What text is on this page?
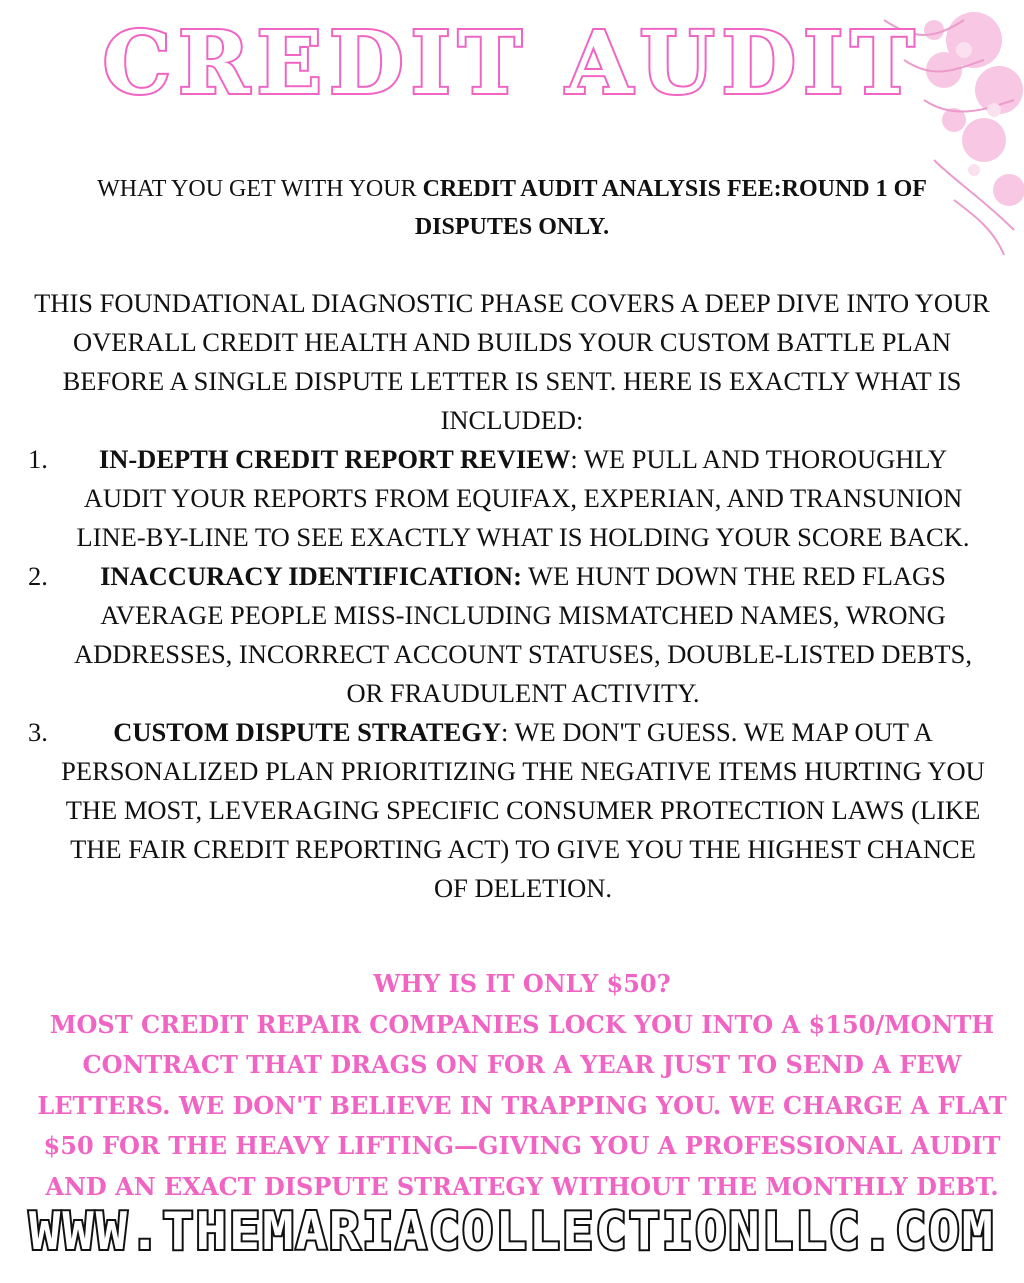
CREDIT AUDIT
WHAT YOU GET WITH YOUR CREDIT AUDIT ANALYSIS FEE:ROUND 1 OF DISPUTES ONLY.

THIS FOUNDATIONAL DIAGNOSTIC PHASE COVERS A DEEP DIVE INTO YOUR OVERALL CREDIT HEALTH AND BUILDS YOUR CUSTOM BATTLE PLAN BEFORE A SINGLE DISPUTE LETTER IS SENT. HERE IS EXACTLY WHAT IS INCLUDED:

1. IN-DEPTH CREDIT REPORT REVIEW: WE PULL AND THOROUGHLY AUDIT YOUR REPORTS FROM EQUIFAX, EXPERIAN, AND TRANSUNION LINE-BY-LINE TO SEE EXACTLY WHAT IS HOLDING YOUR SCORE BACK.
2. INACCURACY IDENTIFICATION: WE HUNT DOWN THE RED FLAGS AVERAGE PEOPLE MISS-INCLUDING MISMATCHED NAMES, WRONG ADDRESSES, INCORRECT ACCOUNT STATUSES, DOUBLE-LISTED DEBTS, OR FRAUDULENT ACTIVITY.
3. CUSTOM DISPUTE STRATEGY: WE DON'T GUESS. WE MAP OUT A PERSONALIZED PLAN PRIORITIZING THE NEGATIVE ITEMS HURTING YOU THE MOST, LEVERAGING SPECIFIC CONSUMER PROTECTION LAWS (LIKE THE FAIR CREDIT REPORTING ACT) TO GIVE YOU THE HIGHEST CHANCE OF DELETION.

WHY IS IT ONLY $50?

MOST CREDIT REPAIR COMPANIES LOCK YOU INTO A $150/MONTH CONTRACT THAT DRAGS ON FOR A YEAR JUST TO SEND A FEW LETTERS. WE DON'T BELIEVE IN TRAPPING YOU. WE CHARGE A FLAT $50 FOR THE HEAVY LIFTING—GIVING YOU A PROFESSIONAL AUDIT AND AN EXACT DISPUTE STRATEGY WITHOUT THE MONTHLY DEBT.

WWW.THEMARIACOLLECTIONLLC.COM
